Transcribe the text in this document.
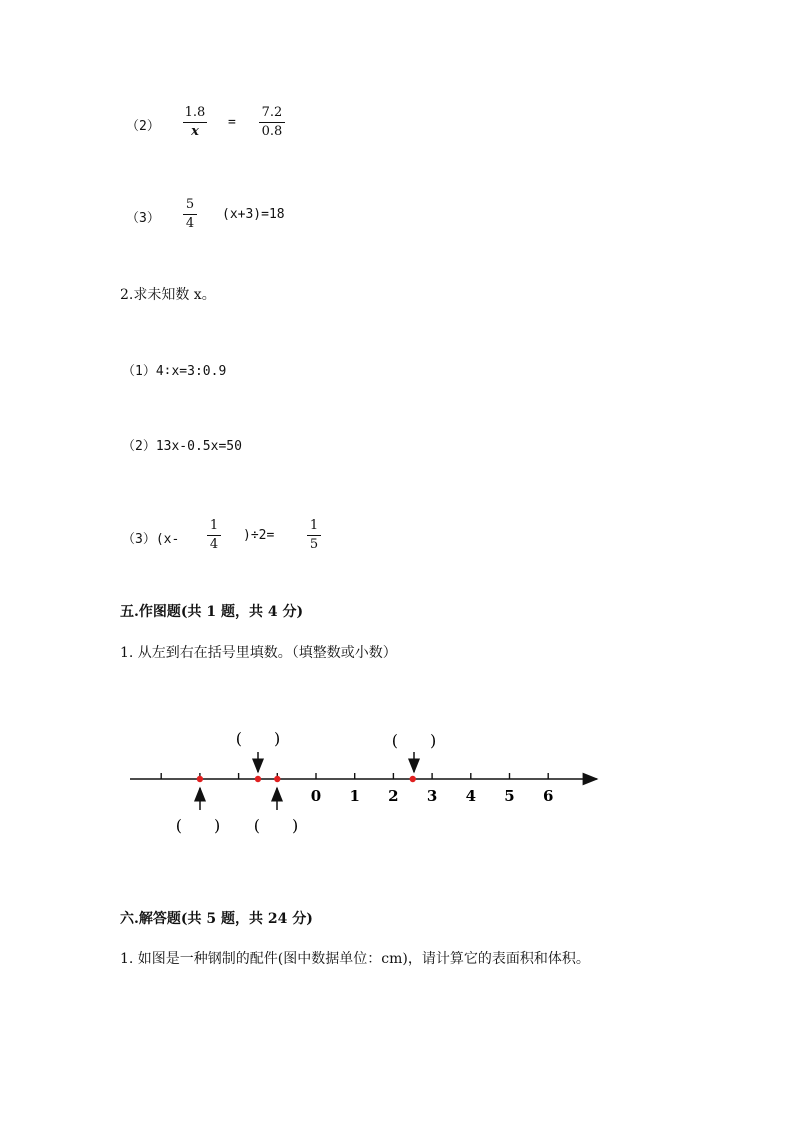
（2）
1.8
x
=
7.2
0.8
（3）
5
4
(x+3)=18
2.求未知数 x。
（1）4∶x=3:0.9
（2）13x-0.5x=50
（3）(x-
1
4
)÷2=
1
5
五.作图题(共 1 题，共 4 分)
1. 从左到右在括号里填数。（填整数或小数）
0 1 2 3 4 5 6
(　　)	(　　)
(　　) (　　)
六.解答题(共 5 题，共 24 分)
1. 如图是一种钢制的配件(图中数据单位：cm)，请计算它的表面积和体积。
